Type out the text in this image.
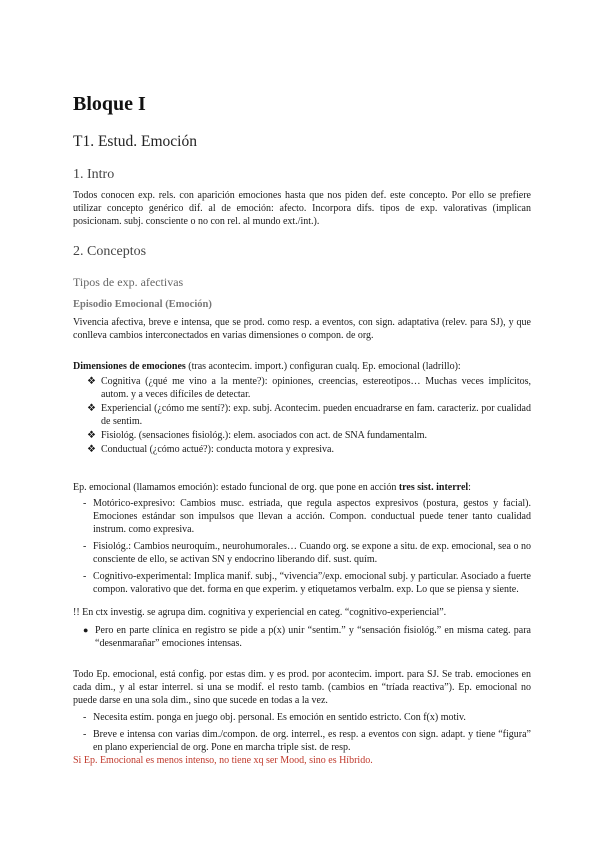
Bloque I
T1. Estud. Emoción
1. Intro
Todos conocen exp. rels. con aparición emociones hasta que nos piden def. este concepto. Por ello se prefiere utilizar concepto genérico dif. al de emoción: afecto. Incorpora difs. tipos de exp. valorativas (implican posicionam. subj. consciente o no con rel. al mundo ext./int.).
2. Conceptos
Tipos de exp. afectivas
Episodio Emocional (Emoción)
Vivencia afectiva, breve e intensa, que se prod. como resp. a eventos, con sign. adaptativa (relev. para SJ), y que conlleva cambios interconectados en varias dimensiones o compon. de org.
Dimensiones de emociones (tras acontecim. import.) configuran cualq. Ep. emocional (ladrillo):
❖ Cognitiva (¿qué me vino a la mente?): opiniones, creencias, estereotipos… Muchas veces implícitos, autom. y a veces difíciles de detectar.
❖ Experiencial (¿cómo me sentí?): exp. subj. Acontecim. pueden encuadrarse en fam. caracteriz. por cualidad de sentim.
❖ Fisiológ. (sensaciones fisiológ.): elem. asociados con act. de SNA fundamentalm.
❖ Conductual (¿cómo actué?): conducta motora y expresiva.
Ep. emocional (llamamos emoción): estado funcional de org. que pone en acción tres sist. interrel:
- Motórico-expresivo: Cambios musc. estriada, que regula aspectos expresivos (postura, gestos y facial). Emociones estándar son impulsos que llevan a acción. Compon. conductual puede tener tanto cualidad instrum. como expresiva.
- Fisiológ.: Cambios neuroquím., neurohumorales… Cuando org. se expone a situ. de exp. emocional, sea o no consciente de ello, se activan SN y endocrino liberando dif. sust. quím.
- Cognitivo-experimental: Implica manif. subj., “vivencia”/exp. emocional subj. y particular. Asociado a fuerte compon. valorativo que det. forma en que experim. y etiquetamos verbalm. exp. Lo que se piensa y siente.
!! En ctx investig. se agrupa dim. cognitiva y experiencial en categ. “cognitivo-experiencial”.
● Pero en parte clínica en registro se pide a p(x) unir “sentim.” y “sensación fisiológ.” en misma categ. para “desenmarañar” emociones intensas.
Todo Ep. emocional, está config. por estas dim. y es prod. por acontecim. import. para SJ. Se trab. emociones en cada dim., y al estar interrel. si una se modif. el resto tamb. (cambios en “tríada reactiva”). Ep. emocional no puede darse en una sola dim., sino que sucede en todas a la vez.
- Necesita estím. ponga en juego obj. personal. Es emoción en sentido estricto. Con f(x) motiv.
- Breve e intensa con varias dim./compon. de org. interrel., es resp. a eventos con sign. adapt. y tiene “figura” en plano experiencial de org. Pone en marcha triple sist. de resp.
Si Ep. Emocional es menos intenso, no tiene xq ser Mood, sino es Híbrido.
